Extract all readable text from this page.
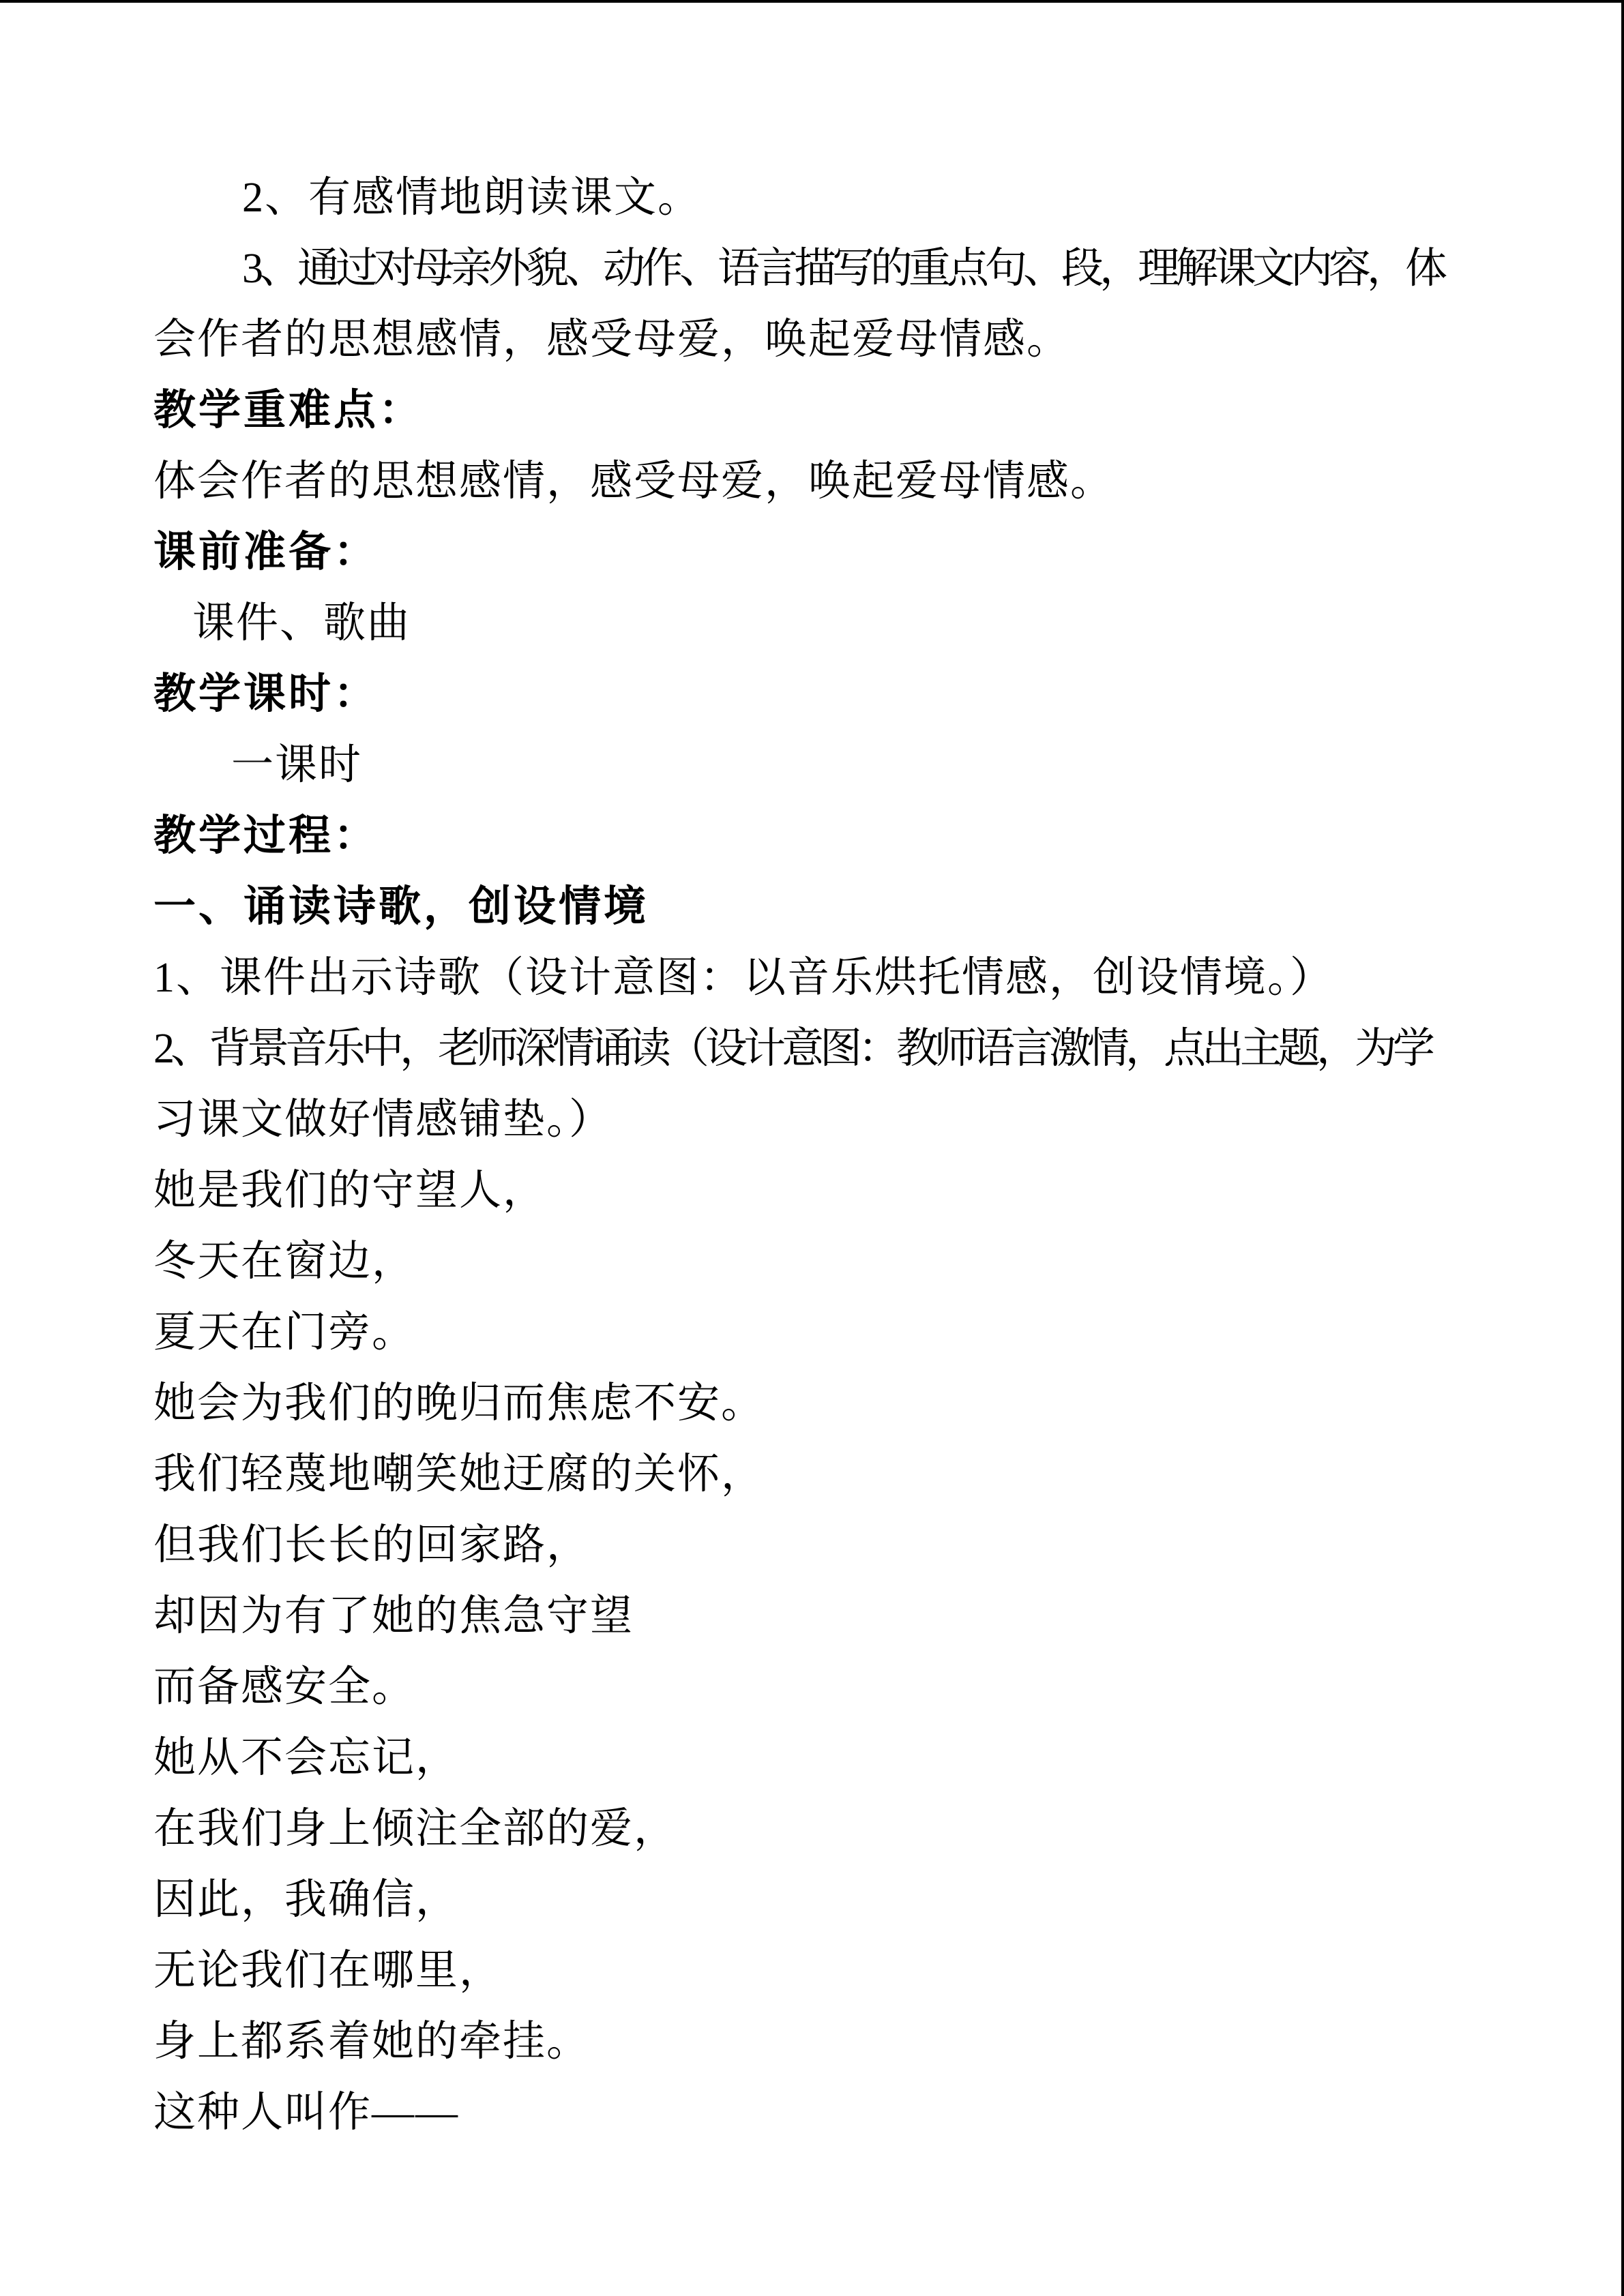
2、有感情地朗读课文。
3、通过对母亲外貌、动作、语言描写的重点句、段，理解课文内容，体
会作者的思想感情，感受母爱，唤起爱母情感。
教学重难点：
体会作者的思想感情，感受母爱，唤起爱母情感。
课前准备：
课件、歌曲
教学课时：
一课时
教学过程：
一、诵读诗歌，创设情境
1、课件出示诗歌（设计意图：以音乐烘托情感，创设情境。）
2、背景音乐中，老师深情诵读（设计意图：教师语言激情，点出主题，为学
习课文做好情感铺垫。）
她是我们的守望人，
冬天在窗边，
夏天在门旁。
她会为我们的晚归而焦虑不安。
我们轻蔑地嘲笑她迂腐的关怀，
但我们长长的回家路，
却因为有了她的焦急守望
而备感安全。
她从不会忘记，
在我们身上倾注全部的爱，
因此，我确信，
无论我们在哪里，
身上都系着她的牵挂。
这种人叫作——
